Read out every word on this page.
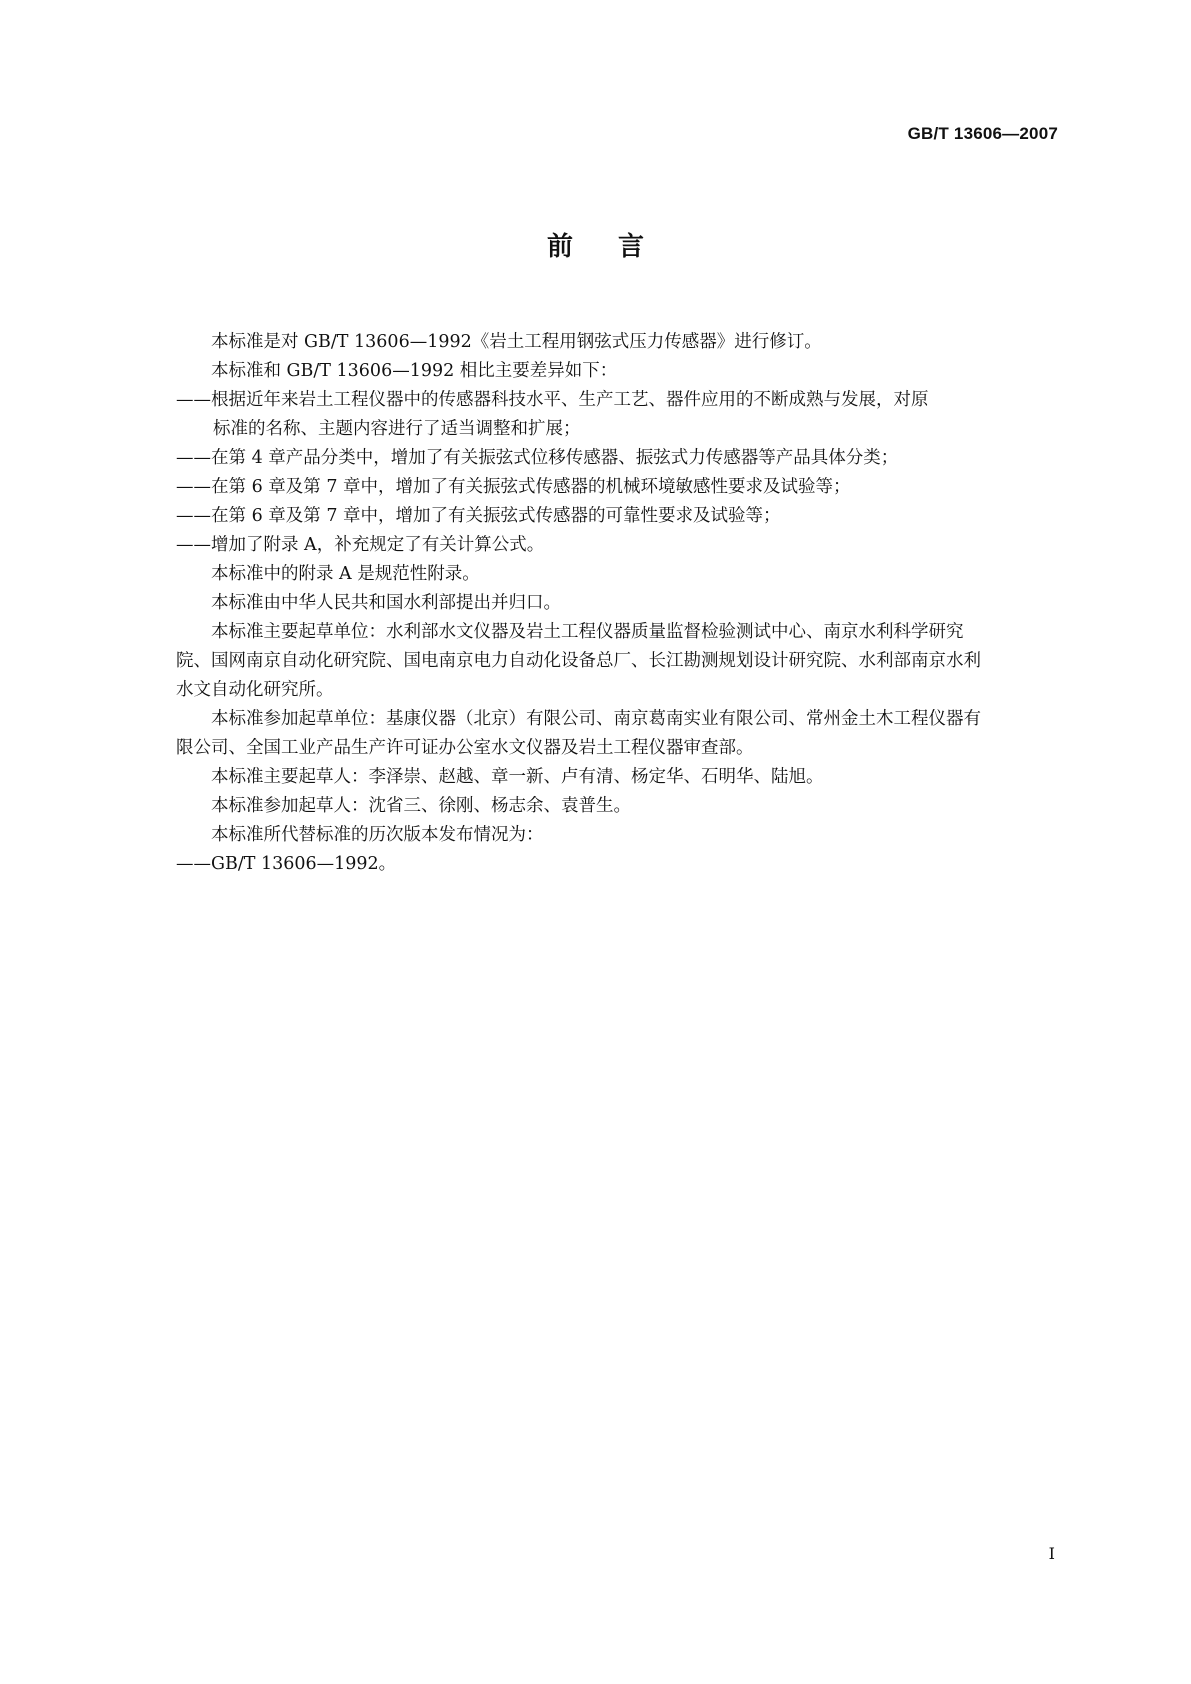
GB/T 13606—2007
前言
本标准是对 GB/T 13606—1992《岩土工程用钢弦式压力传感器》进行修订。
本标准和 GB/T 13606—1992 相比主要差异如下：
——根据近年来岩土工程仪器中的传感器科技水平、生产工艺、器件应用的不断成熟与发展，对原
标准的名称、主题内容进行了适当调整和扩展；
——在第 4 章产品分类中，增加了有关振弦式位移传感器、振弦式力传感器等产品具体分类；
——在第 6 章及第 7 章中，增加了有关振弦式传感器的机械环境敏感性要求及试验等；
——在第 6 章及第 7 章中，增加了有关振弦式传感器的可靠性要求及试验等；
——增加了附录 A，补充规定了有关计算公式。
本标准中的附录 A 是规范性附录。
本标准由中华人民共和国水利部提出并归口。
本标准主要起草单位：水利部水文仪器及岩土工程仪器质量监督检验测试中心、南京水利科学研究
院、国网南京自动化研究院、国电南京电力自动化设备总厂、长江勘测规划设计研究院、水利部南京水利
水文自动化研究所。
本标准参加起草单位：基康仪器（北京）有限公司、南京葛南实业有限公司、常州金土木工程仪器有
限公司、全国工业产品生产许可证办公室水文仪器及岩土工程仪器审查部。
本标准主要起草人：李泽崇、赵越、章一新、卢有清、杨定华、石明华、陆旭。
本标准参加起草人：沈省三、徐刚、杨志余、袁普生。
本标准所代替标准的历次版本发布情况为：
——GB/T 13606—1992。
I
